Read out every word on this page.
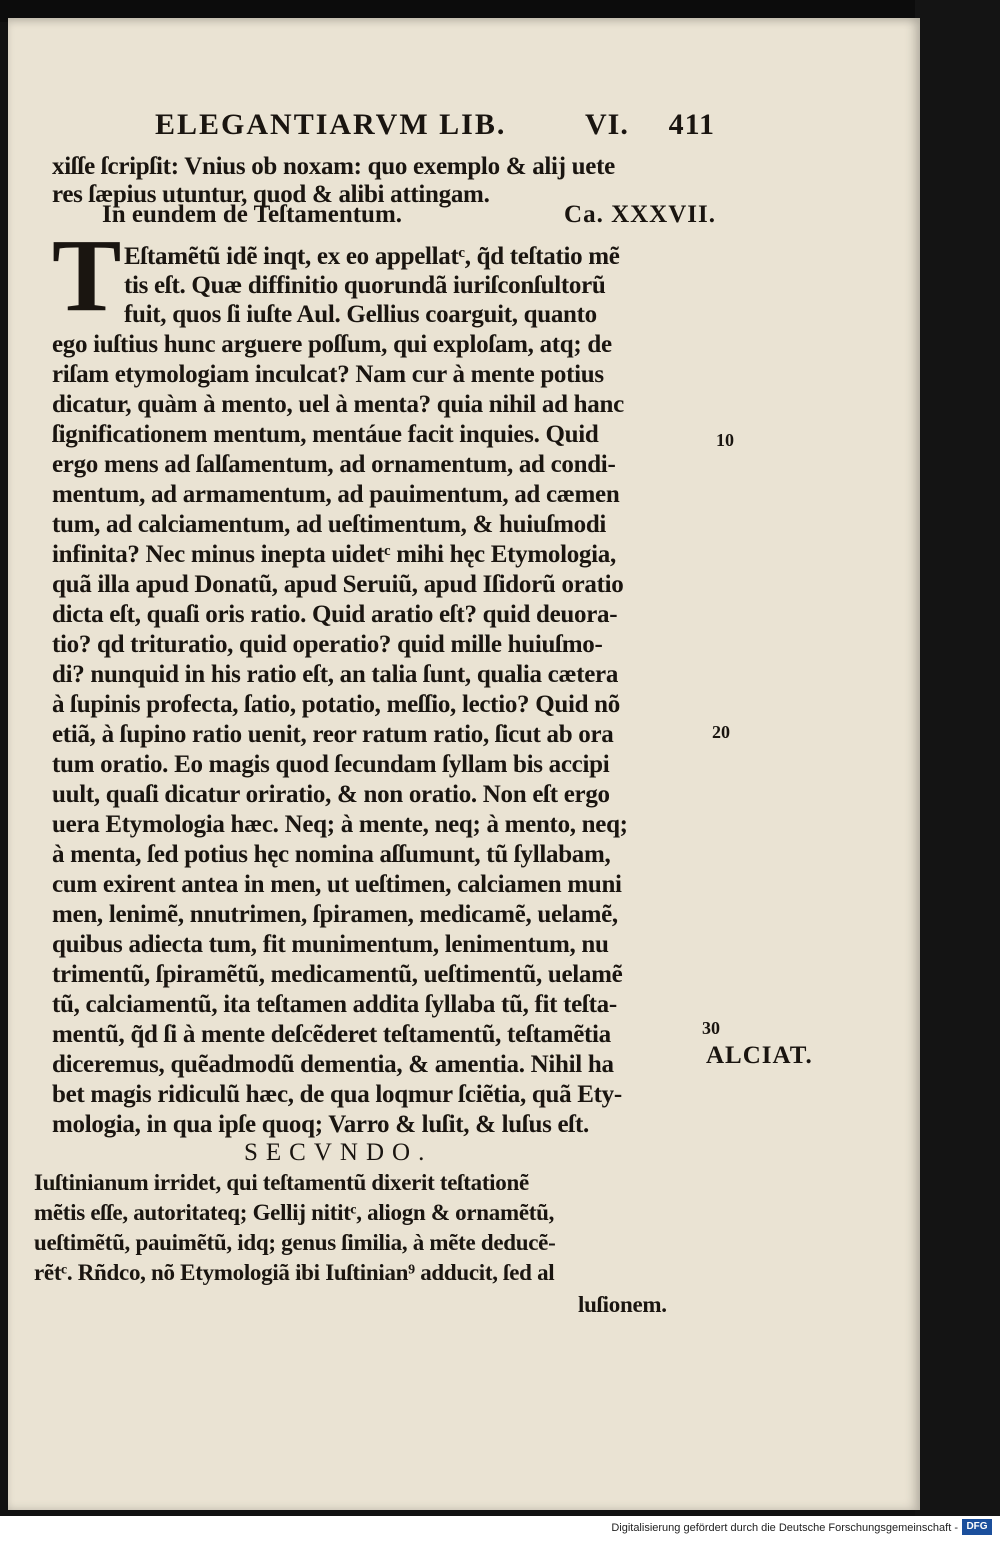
ELEGANTIARVM LIB.	VI. 411
xiſſe ſcripſit: Vnius ob noxam: quo exemplo & alij uete
res ſæpius utuntur, quod & alibi attingam.
In eundem de Teſtamentum.	Ca. XXXVII.
T Eſtamẽtũ idẽ inqt, ex eo appellatᶜ, q̃d teſtatio mẽ
tis eſt. Quæ diffinitio quorundã iuriſconſultorũ
fuit, quos ſi iuſte Aul. Gellius coarguit, quanto
ego iuſtius hunc arguere poſſum, qui exploſam, atq; de
riſam etymologiam inculcat? Nam cur à mente potius
dicatur, quàm à mento, uel à menta? quia nihil ad hanc
ſignificationem mentum, mentáue facit inquies. Quid
ergo mens ad ſalſamentum, ad ornamentum, ad condi-
mentum, ad armamentum, ad pauimentum, ad cæmen
tum, ad calciamentum, ad ueſtimentum, & huiuſmodi
infinita? Nec minus inepta uidetᶜ mihi hęc Etymologia,
quã illa apud Donatũ, apud Seruiũ, apud Iſidorũ oratio
dicta eſt, quaſi oris ratio. Quid aratio eſt? quid deuora-
tio? qd trituratio, quid operatio? quid mille huiuſmo-
di? nunquid in his ratio eſt, an talia ſunt, qualia cætera
à ſupinis profecta, ſatio, potatio, meſſio, lectio? Quid nõ
etiã, à ſupino ratio uenit, reor ratum ratio, ſicut ab ora
tum oratio. Eo magis quod ſecundam ſyllam bis accipi
uult, quaſi dicatur oriratio, & non oratio. Non eſt ergo
uera Etymologia hæc. Neq; à mente, neq; à mento, neq;
à menta, ſed potius hęc nomina aſſumunt, tũ ſyllabam,
cum exirent antea in men, ut ueſtimen, calciamen muni
men, lenimẽ, nnutrimen, ſpiramen, medicamẽ, uelamẽ,
quibus adiecta tum, fit munimentum, lenimentum, nu
trimentũ, ſpiramẽtũ, medicamentũ, ueſtimentũ, uelamẽ
tũ, calciamentũ, ita teſtamen addita ſyllaba tũ, fit teſta-
mentũ, q̃d ſi à mente deſcẽderet teſtamentũ, teſtamẽtia
diceremus, quẽadmodũ dementia, & amentia. Nihil ha
bet magis ridiculũ hæc, de qua loqmur ſciẽtia, quã Ety-
mologia, in qua ipſe quoq; Varro & luſit, & luſus eſt.
SECVNDO.
Iuſtinianum irridet, qui teſtamentũ dixerit teſtationẽ
mẽtis eſſe, autoritateq; Gellij nititᶜ, aliogn & ornamẽtũ,
ueſtimẽtũ, pauimẽtũ, idq; genus ſimilia, à mẽte deducẽ-
rẽtᶜ. Rñdco, nõ Etymologiã ibi Iuſtinian⁹ adducit, ſed al
luſionem.
10
20
30
ALCIAT.
Digitalisierung gefördert durch die Deutsche Forschungsgemeinschaft - DFG
